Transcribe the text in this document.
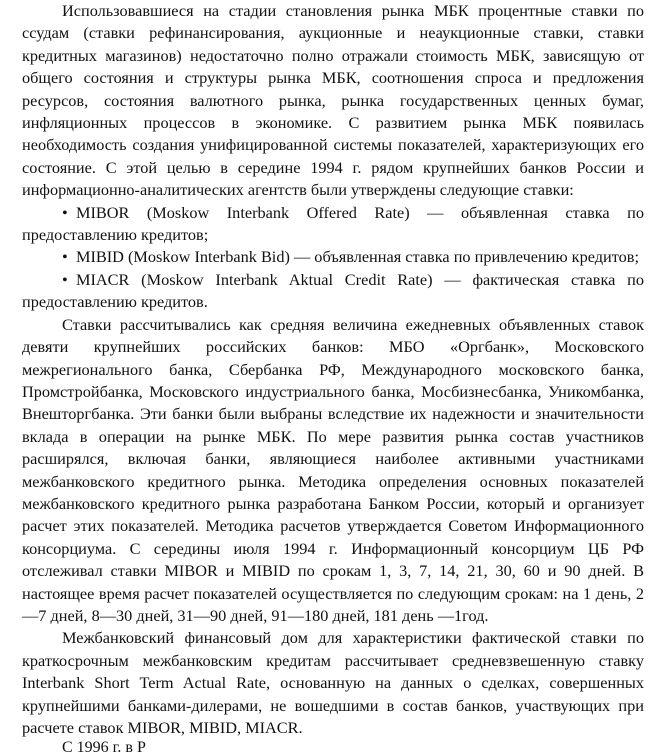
Использовавшиеся на стадии становления рынка МБК процентные ставки по ссудам (ставки рефинансирования, аукционные и неаукционные ставки, ставки кредитных магазинов) недостаточно полно отражали стоимость МБК, зависящую от общего состояния и структуры рынка МБК, соотношения спроса и предложения ресурсов, состояния валютного рынка, рынка государственных ценных бумаг, инфляционных процессов в экономике. С развитием рынка МБК появилась необходимость создания унифицированной системы показателей, характеризующих его состояние. С этой целью в середине 1994 г. рядом крупнейших банков России и информационно-аналитических агентств были утверждены следующие ставки:

• MIBOR (Moskow Interbank Offered Rate) — объявленная ставка по предоставлению кредитов;

• MIBID (Moskow Interbank Bid) — объявленная ставка по привлечению кредитов;

• MIACR (Moskow Interbank Aktual Credit Rate) — фактическая ставка по предоставлению кредитов.

Ставки рассчитывались как средняя величина ежедневных объявленных ставок девяти крупнейших российских банков: МБО «Оргбанк», Московского межрегионального банка, Сбербанка РФ, Международного московского банка, Промстройбанка, Московского индустриального банка, Мосбизнесбанка, Уникомбанка, Внешторгбанка. Эти банки были выбраны вследствие их надежности и значительности вклада в операции на рынке МБК. По мере развития рынка состав участников расширялся, включая банки, являющиеся наиболее активными участниками межбанковского кредитного рынка. Методика определения основных показателей межбанковского кредитного рынка разработана Банком России, который и организует расчет этих показателей. Методика расчетов утверждается Советом Информационного консорциума. С середины июля 1994 г. Информационный консорциум ЦБ РФ отслеживал ставки MIBOR и MIBID по срокам 1, 3, 7, 14, 21, 30, 60 и 90 дней. В настоящее время расчет показателей осуществляется по следующим срокам: на 1 день, 2—7 дней, 8—30 дней, 31—90 дней, 91—180 дней, 181 день —1год.

Межбанковский финансовый дом для характеристики фактической ставки по краткосрочным межбанковским кредитам рассчитывает средневзвешенную ставку Interbank Short Term Actual Rate, основанную на данных о сделках, совершенных крупнейшими банками-дилерами, не вошедшими в состав банков, участвующих при расчете ставок MIBOR, MIBID, MIACR.

С 1996 г. в Р
